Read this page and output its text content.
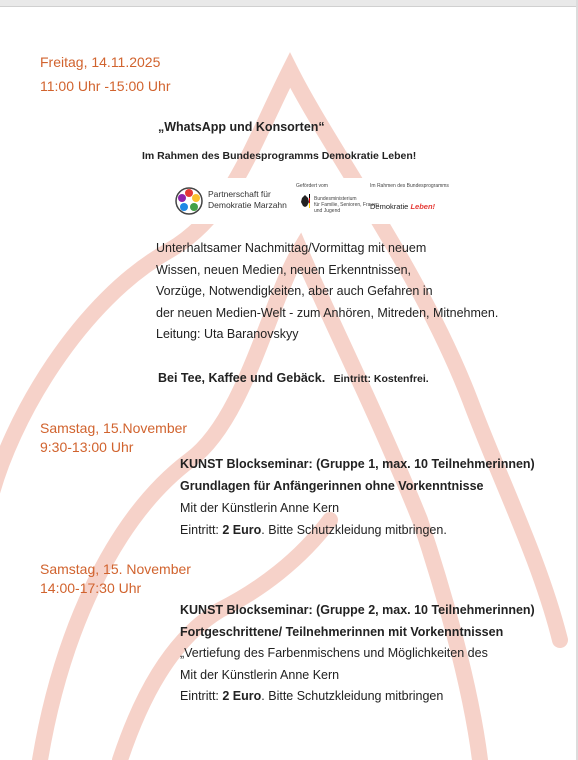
Freitag, 14.11.2025
11:00 Uhr -15:00 Uhr
„WhatsApp und Konsorten“
Im Rahmen des Bundesprogramms Demokratie Leben!
Partnerschaft für
Demokratie Marzahn
Gefördert vom
Bundesministerium
für Familie, Senioren, Frauen
und Jugend
Im Rahmen des Bundesprogramms
Demokratie Leben!
Unterhaltsamer Nachmittag/Vormittag mit neuem
Wissen, neuen Medien, neuen Erkenntnissen,
Vorzüge, Notwendigkeiten, aber auch Gefahren in
der neuen Medien-Welt - zum Anhören, Mitreden, Mitnehmen.
Leitung: Uta Baranovskyy
Bei Tee, Kaffee und Gebäck. Eintritt: Kostenfrei.
Samstag, 15.November
9:30-13:00 Uhr
KUNST Blockseminar: (Gruppe 1, max. 10 Teilnehmerinnen)
Grundlagen für Anfängerinnen ohne Vorkenntnisse
Mit der Künstlerin Anne Kern
Eintritt: 2 Euro. Bitte Schutzkleidung mitbringen.
Samstag, 15. November
14:00-17:30 Uhr
KUNST Blockseminar: (Gruppe 2, max. 10 Teilnehmerinnen)
Fortgeschrittene/ Teilnehmerinnen mit Vorkenntnissen
„Vertiefung des Farbenmischens und Möglichkeiten des
Mit der Künstlerin Anne Kern
Eintritt: 2 Euro. Bitte Schutzkleidung mitbringen
